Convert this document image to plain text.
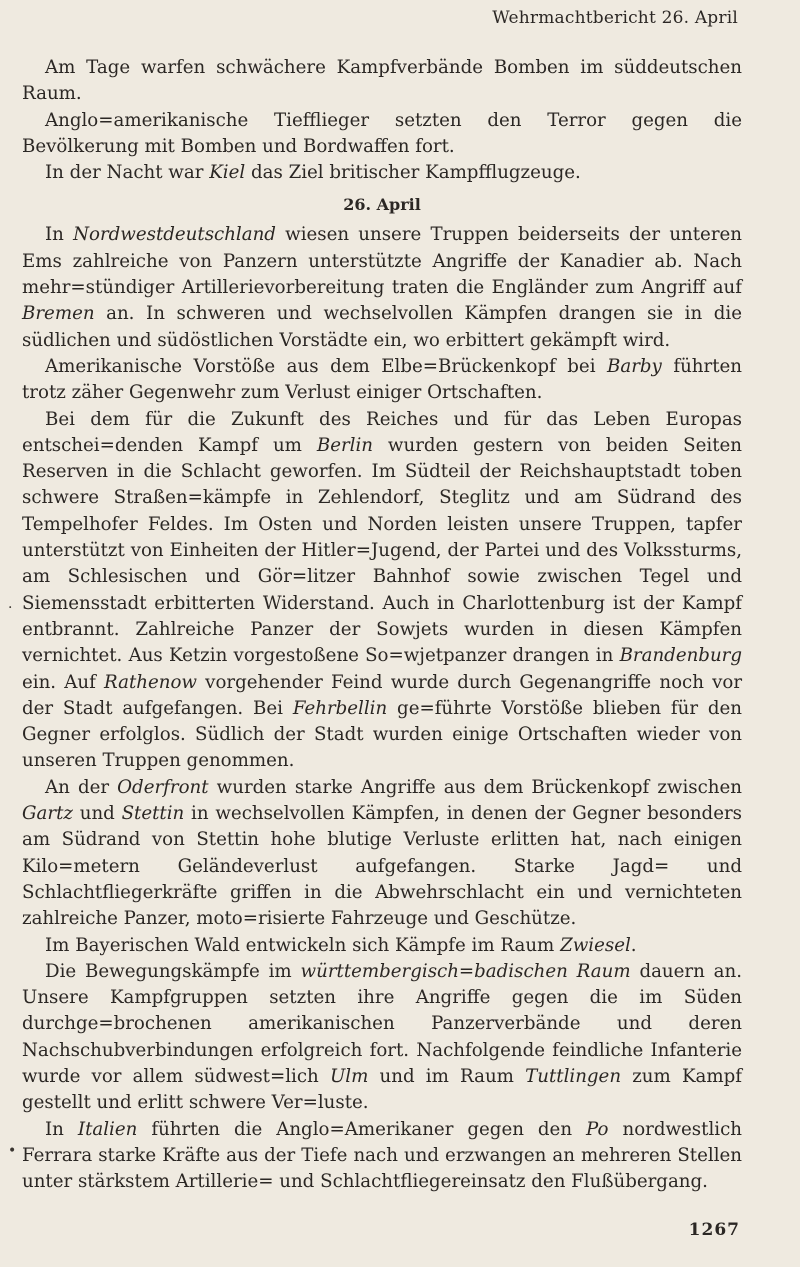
Wehrmachtbericht 26. April

Am Tage warfen schwächere Kampfverbände Bomben im süddeutschen Raum.

Anglo=amerikanische Tiefflieger setzten den Terror gegen die Bevölkerung mit Bomben und Bordwaffen fort.

In der Nacht war Kiel das Ziel britischer Kampfflugzeuge.

26. April

In Nordwestdeutschland wiesen unsere Truppen beiderseits der unteren Ems zahlreiche von Panzern unterstützte Angriffe der Kanadier ab. Nach mehr=stündiger Artillerievorbereitung traten die Engländer zum Angriff auf Bremen an. In schweren und wechselvollen Kämpfen drangen sie in die südlichen und südöstlichen Vorstädte ein, wo erbittert gekämpft wird.

Amerikanische Vorstöße aus dem Elbe=Brückenkopf bei Barby führten trotz zäher Gegenwehr zum Verlust einiger Ortschaften.

Bei dem für die Zukunft des Reiches und für das Leben Europas entschei=denden Kampf um Berlin wurden gestern von beiden Seiten Reserven in die Schlacht geworfen. Im Südteil der Reichshauptstadt toben schwere Straßen=kämpfe in Zehlendorf, Steglitz und am Südrand des Tempelhofer Feldes. Im Osten und Norden leisten unsere Truppen, tapfer unterstützt von Einheiten der Hitler=Jugend, der Partei und des Volkssturms, am Schlesischen und Gör=litzer Bahnhof sowie zwischen Tegel und Siemensstadt erbitterten Widerstand. Auch in Charlottenburg ist der Kampf entbrannt. Zahlreiche Panzer der Sowjets wurden in diesen Kämpfen vernichtet. Aus Ketzin vorgestoßene So=wjetpanzer drangen in Brandenburg ein. Auf Rathenow vorgehender Feind wurde durch Gegenangriffe noch vor der Stadt aufgefangen. Bei Fehrbellin ge=führte Vorstöße blieben für den Gegner erfolglos. Südlich der Stadt wurden einige Ortschaften wieder von unseren Truppen genommen.

An der Oderfront wurden starke Angriffe aus dem Brückenkopf zwischen Gartz und Stettin in wechselvollen Kämpfen, in denen der Gegner besonders am Südrand von Stettin hohe blutige Verluste erlitten hat, nach einigen Kilo=metern Geländeverlust aufgefangen. Starke Jagd= und Schlachtfliegerkräfte griffen in die Abwehrschlacht ein und vernichteten zahlreiche Panzer, moto=risierte Fahrzeuge und Geschütze.

Im Bayerischen Wald entwickeln sich Kämpfe im Raum Zwiesel.

Die Bewegungskämpfe im württembergisch=badischen Raum dauern an. Unsere Kampfgruppen setzten ihre Angriffe gegen die im Süden durchge=brochenen amerikanischen Panzerverbände und deren Nachschubverbindungen erfolgreich fort. Nachfolgende feindliche Infanterie wurde vor allem südwest=lich Ulm und im Raum Tuttlingen zum Kampf gestellt und erlitt schwere Ver=luste.

In Italien führten die Anglo=Amerikaner gegen den Po nordwestlich Ferrara starke Kräfte aus der Tiefe nach und erzwangen an mehreren Stellen unter stärkstem Artillerie= und Schlachtfliegereinsatz den Flußübergang.

·
•
1267
